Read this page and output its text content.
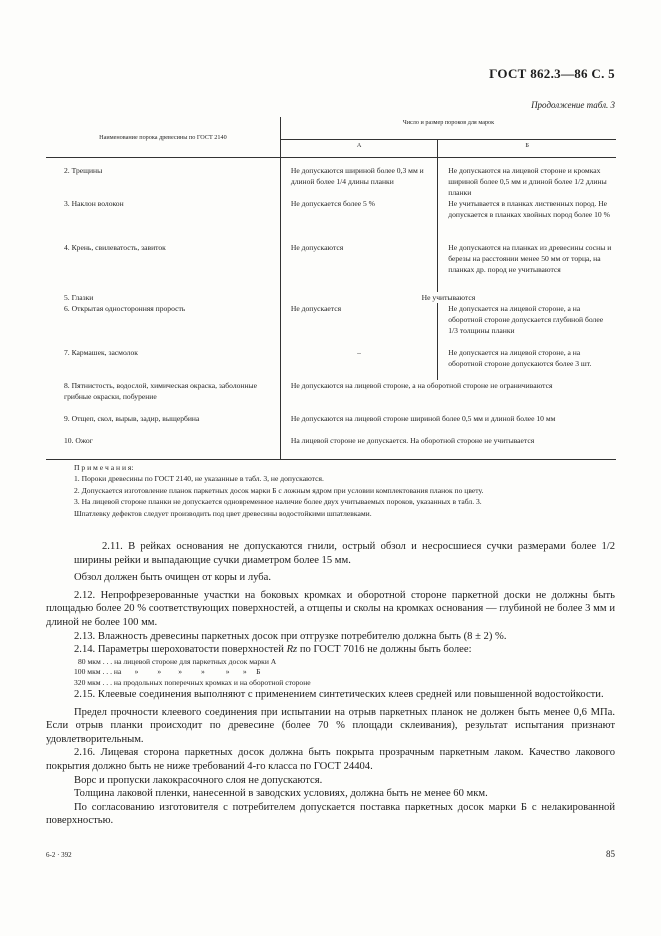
ГОСТ 862.3—86 С. 5
Продолжение табл. 3
Наименование порока древесины по ГОСТ 2140	Число и размер пороков для марок	
	А	Б
2. Трещины	Не допускаются шириной более 0,3 мм и длиной более 1/4 длины планки	Не допускаются на лицевой стороне и кромках шириной более 0,5 мм и длиной более 1/2 длины планки
3. Наклон волокон	Не допускается более 5 %	Не учитывается в планках лиственных пород. Не допускается в планках хвойных пород более 10 %
4. Крень, свилеватость, завиток	Не допускаются	Не допускаются на планках из древесины сосны и березы на расстоянии менее 50 мм от торца, на планках др. пород не учитываются
5. Глазки	Не учитываются	
6. Открытая односторонняя прорость	Не допускается	Не допускается на лицевой стороне, а на оборотной стороне допускается глубиной более 1/3 толщины планки
7. Кармашек, засмолок	–	Не допускается на лицевой стороне, а на оборотной стороне допускаются более 3 шт.
8. Пятнистость, водослой, химическая окраска, заболонные грибные окраски, побурение	Не допускаются на лицевой стороне, а на оборотной стороне не ограничиваются	
9. Отщеп, скол, вырыв, задир, выщербина	Не допускаются на лицевой стороне шириной более 0,5 мм и длиной более 10 мм	
10. Ожог	На лицевой стороне не допускается. На оборотной стороне не учитывается	

П р и м е ч а н и я:

1. Пороки древесины по ГОСТ 2140, не указанные в табл. 3, не допускаются.

2. Допускается изготовление планок паркетных досок марки Б с ложным ядром при условии комплектования планок по цвету.

3. На лицевой стороне планки не допускается одновременное наличие более двух учитываемых пороков, указанных в табл. 3.

Шпатлевку дефектов следует производить под цвет древесины водостойкими шпатлевками.

2.11. В рейках основания не допускаются гнили, острый обзол и несросшиеся сучки размерами более 1/2 ширины рейки и выпадающие сучки диаметром более 15 мм.

Обзол должен быть очищен от коры и луба.

2.12. Непрофрезерованные участки на боковых кромках и оборотной стороне паркетной доски не должны быть площадью более 20 % соответствующих поверхностей, а отщепы и сколы на кромках основания — глубиной не более 3 мм и длиной не более 100 мм.

2.13. Влажность древесины паркетных досок при отгрузке потребителю должна быть (8 ± 2) %.

2.14. Параметры шероховатости поверхностей Rz по ГОСТ 7016 не должны быть более:

80 мкм . . . на лицевой стороне для паркетных досок марки А
100 мкм . . . на       »          »         »          »           »       »     Б
320 мкм . . . на продольных поперечных кромках и на оборотной стороне

2.15. Клеевые соединения выполняют с применением синтетических клеев средней или повышенной водостойкости.

Предел прочности клеевого соединения при испытании на отрыв паркетных планок не должен быть менее 0,6 МПа. Если отрыв планки происходит по древесине (более 70 % площади склеивания), результат испытания признают удовлетворительным.

2.16. Лицевая сторона паркетных досок должна быть покрыта прозрачным паркетным лаком. Качество лакового покрытия должно быть не ниже требований 4-го класса по ГОСТ 24404.

Ворс и пропуски лакокрасочного слоя не допускаются.

Толщина лаковой пленки, нанесенной в заводских условиях, должна быть не менее 60 мкм.

По согласованию изготовителя с потребителем допускается поставка паркетных досок марки Б с нелакированной поверхностью.

6-2 · 392	85
